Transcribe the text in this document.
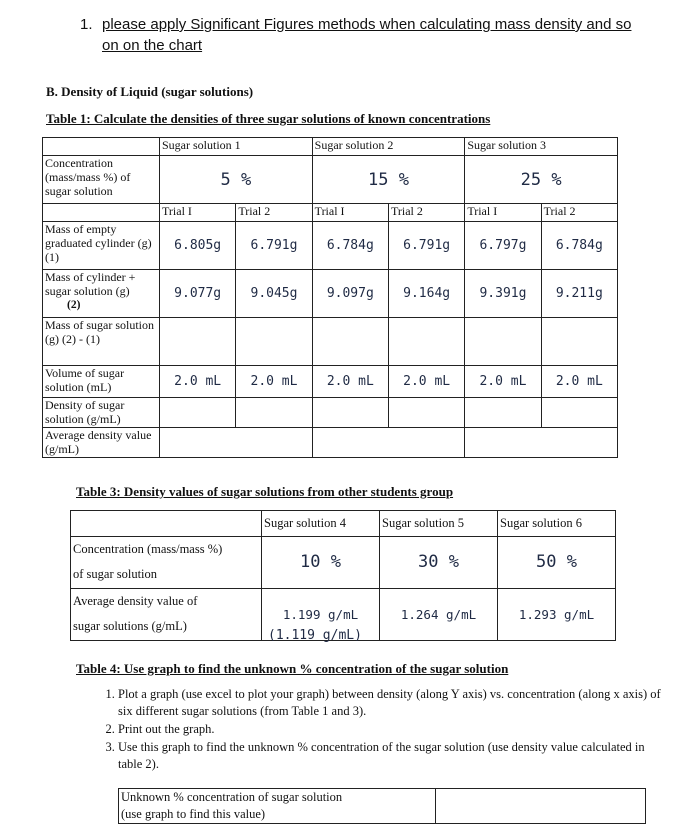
1. please apply Significant Figures methods when calculating mass density and so on on the chart
B. Density of Liquid (sugar solutions)
Table 1: Calculate the densities of three sugar solutions of known concentrations
	Sugar solution 1		Sugar solution 2		Sugar solution 3	
Concentration (mass/mass %) of sugar solution	5 %		15 %		25 %	
	Trial I	Trial 2	Trial I	Trial 2	Trial I	Trial 2
Mass of empty graduated cylinder (g) (1)	6.805g	6.791g	6.784g	6.791g	6.797g	6.784g

Mass of cylinder + sugar solution (g)
(2)	9.077g	9.045g	9.097g	9.164g	9.391g	9.211g
Mass of sugar solution (g) (2) - (1)						
Volume of sugar solution (mL)	2.0 mL	2.0 mL	2.0 mL	2.0 mL	2.0 mL	2.0 mL
Density of sugar solution (g/mL)						
Average density value (g/mL)						
Table 3: Density values of sugar solutions from other students group
	Sugar solution 4	Sugar solution 5	Sugar solution 6

Concentration (mass/mass %)
of sugar solution	10 %	30 %	50 %

Average density value of
sugar solutions (g/mL)	1.199 g/mL	1.264 g/mL	1.293 g/mL
(1.119 g/mL)
Table 4: Use graph to find the unknown % concentration of the sugar solution
1. Plot a graph (use excel to plot your graph) between density (along Y axis) vs. concentration (along x axis) of six different sugar solutions (from Table 1 and 3).
2. Print out the graph.
3. Use this graph to find the unknown % concentration of the sugar solution (use density value calculated in table 2).
Unknown % concentration of sugar solution
(use graph to find this value)
